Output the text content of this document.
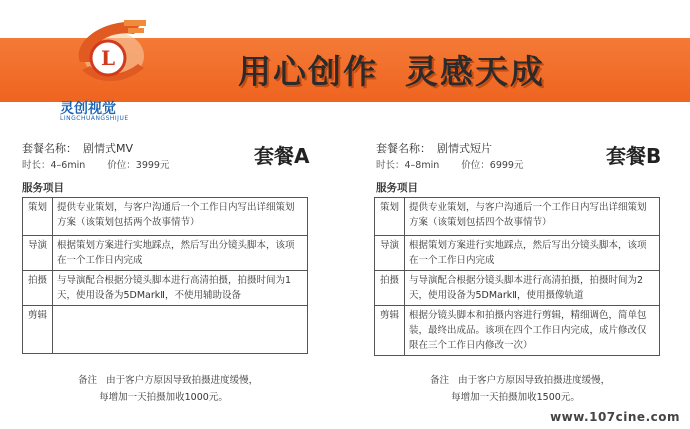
用心创作  灵感天成
L
灵创视觉
LINGCHUANGSHIJUE
套餐名称： 剧情式MV
时长：4–6min 价位：3999元	套餐A
服务项目
策划	提供专业策划，与客户沟通后一个工作日内写出详细策划方案（该策划包括两个故事情节）
导演	根据策划方案进行实地踩点，然后写出分镜头脚本，该项在一个工作日内完成
拍摄	与导演配合根据分镜头脚本进行高清拍摄，拍摄时间为1天，使用设备为5DMarkⅡ，不使用辅助设备
剪辑	
备注 由于客户方原因导致拍摄进度缓慢，
每增加一天拍摄加收1000元。
套餐名称： 剧情式短片
时长：4–8min 价位：6999元	套餐B
服务项目
策划	提供专业策划，与客户沟通后一个工作日内写出详细策划方案（该策划包括四个故事情节）
导演	根据策划方案进行实地踩点，然后写出分镜头脚本，该项在一个工作日内完成
拍摄	与导演配合根据分镜头脚本进行高清拍摄，拍摄时间为2天，使用设备为5DMarkⅡ，使用摄像轨道
剪辑	根据分镜头脚本和拍摄内容进行剪辑，精细调色，简单包装，最终出成品。该项在四个工作日内完成，成片修改仅限在三个工作日内修改一次）
备注 由于客户方原因导致拍摄进度缓慢，
每增加一天拍摄加收1500元。
www.107cine.com
